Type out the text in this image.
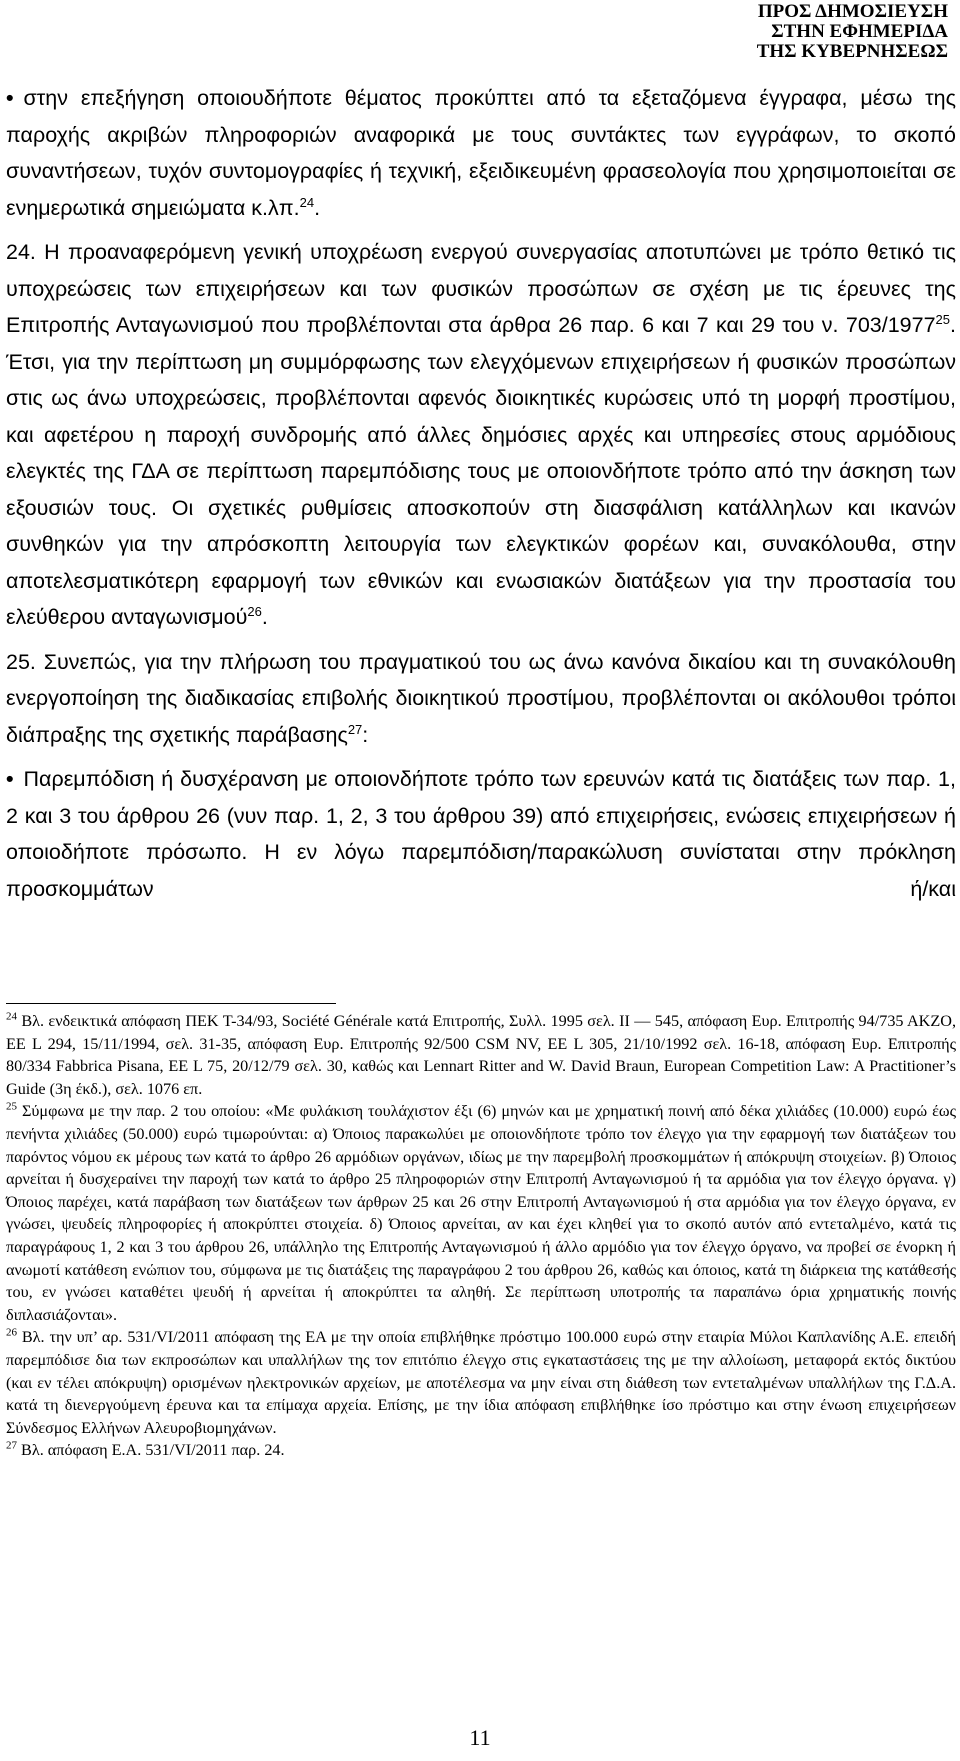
ΠΡΟΣ ΔΗΜΟΣΙΕΥΣΗ
ΣΤΗΝ ΕΦΗΜΕΡΙΔΑ
ΤΗΣ ΚΥΒΕΡΝΗΣΕΩΣ

• στην επεξήγηση οποιουδήποτε θέματος προκύπτει από τα εξεταζόμενα έγγραφα, μέσω της παροχής ακριβών πληροφοριών αναφορικά με τους συντάκτες των εγγράφων, το σκοπό συναντήσεων, τυχόν συντομογραφίες ή τεχνική, εξειδικευμένη φρασεολογία που χρησιμοποιείται σε ενημερωτικά σημειώματα κ.λπ.$^{24}$.

24. Η προαναφερόμενη γενική υποχρέωση ενεργού συνεργασίας αποτυπώνει με τρόπο θετικό τις υποχρεώσεις των επιχειρήσεων και των φυσικών προσώπων σε σχέση με τις έρευνες της Επιτροπής Ανταγωνισμού που προβλέπονται στα άρθρα 26 παρ. 6 και 7 και 29 του ν. 703/1977$^{25}$. Έτσι, για την περίπτωση μη συμμόρφωσης των ελεγχόμενων επιχειρήσεων ή φυσικών προσώπων στις ως άνω υποχρεώσεις, προβλέπονται αφενός διοικητικές κυρώσεις υπό τη μορφή προστίμου, και αφετέρου η παροχή συνδρομής από άλλες δημόσιες αρχές και υπηρεσίες στους αρμόδιους ελεγκτές της ΓΔΑ σε περίπτωση παρεμπόδισης τους με οποιονδήποτε τρόπο από την άσκηση των εξουσιών τους. Οι σχετικές ρυθμίσεις αποσκοπούν στη διασφάλιση κατάλληλων και ικανών συνθηκών για την απρόσκοπτη λειτουργία των ελεγκτικών φορέων και, συνακόλουθα, στην αποτελεσματικότερη εφαρμογή των εθνικών και ενωσιακών διατάξεων για την προστασία του ελεύθερου ανταγωνισμού$^{26}$.

25. Συνεπώς, για την πλήρωση του πραγματικού του ως άνω κανόνα δικαίου και τη συνακόλουθη ενεργοποίηση της διαδικασίας επιβολής διοικητικού προστίμου, προβλέπονται οι ακόλουθοι τρόποι διάπραξης της σχετικής παράβασης$^{27}$:

• Παρεμπόδιση ή δυσχέρανση με οποιονδήποτε τρόπο των ερευνών κατά τις διατάξεις των παρ. 1, 2 και 3 του άρθρου 26 (νυν παρ. 1, 2, 3 του άρθρου 39) από επιχειρήσεις, ενώσεις επιχειρήσεων ή οποιοδήποτε πρόσωπο. Η εν λόγω παρεμπόδιση/παρακώλυση συνίσταται στην πρόκληση προσκομμάτων ή/και

$^{24}$ Βλ. ενδεικτικά απόφαση ΠΕΚ Τ-34/93, Société Générale κατά Επιτροπής, Συλλ. 1995 σελ. II — 545, απόφαση Ευρ. Επιτροπής 94/735 ΑΚΖΟ, ΕΕ L 294, 15/11/1994, σελ. 31-35, απόφαση Ευρ. Επιτροπής 92/500 CSM NV, EE L 305, 21/10/1992 σελ. 16-18, απόφαση Ευρ. Επιτροπής 80/334 Fabbrica Pisana, EE L 75, 20/12/79 σελ. 30, καθώς και Lennart Ritter and W. David Braun, European Competition Law: A Practitioner’s Guide (3η έκδ.), σελ. 1076 επ.

$^{25}$ Σύμφωνα με την παρ. 2 του οποίου: «Με φυλάκιση τουλάχιστον έξι (6) μηνών και με χρηματική ποινή από δέκα χιλιάδες (10.000) ευρώ έως πενήντα χιλιάδες (50.000) ευρώ τιμωρούνται: α) Όποιος παρακωλύει με οποιονδήποτε τρόπο τον έλεγχο για την εφαρμογή των διατάξεων του παρόντος νόμου εκ μέρους των κατά το άρθρο 26 αρμόδιων οργάνων, ιδίως με την παρεμβολή προσκομμάτων ή απόκρυψη στοιχείων. β) Όποιος αρνείται ή δυσχεραίνει την παροχή των κατά το άρθρο 25 πληροφοριών στην Επιτροπή Ανταγωνισμού ή τα αρμόδια για τον έλεγχο όργανα. γ) Όποιος παρέχει, κατά παράβαση των διατάξεων των άρθρων 25 και 26 στην Επιτροπή Ανταγωνισμού ή στα αρμόδια για τον έλεγχο όργανα, εν γνώσει, ψευδείς πληροφορίες ή αποκρύπτει στοιχεία. δ) Όποιος αρνείται, αν και έχει κληθεί για το σκοπό αυτόν από εντεταλμένο, κατά τις παραγράφους 1, 2 και 3 του άρθρου 26, υπάλληλο της Επιτροπής Ανταγωνισμού ή άλλο αρμόδιο για τον έλεγχο όργανο, να προβεί σε ένορκη ή ανωμοτί κατάθεση ενώπιον του, σύμφωνα με τις διατάξεις της παραγράφου 2 του άρθρου 26, καθώς και όποιος, κατά τη διάρκεια της κατάθεσής του, εν γνώσει καταθέτει ψευδή ή αρνείται ή αποκρύπτει τα αληθή. Σε περίπτωση υποτροπής τα παραπάνω όρια χρηματικής ποινής διπλασιάζονται».

$^{26}$ Βλ. την υπ’ αρ. 531/VI/2011 απόφαση της ΕΑ με την οποία επιβλήθηκε πρόστιμο 100.000 ευρώ στην εταιρία Μύλοι Καπλανίδης Α.Ε. επειδή παρεμπόδισε δια των εκπροσώπων και υπαλλήλων της τον επιτόπιο έλεγχο στις εγκαταστάσεις της με την αλλοίωση, μεταφορά εκτός δικτύου (και εν τέλει απόκρυψη) ορισμένων ηλεκτρονικών αρχείων, με αποτέλεσμα να μην είναι στη διάθεση των εντεταλμένων υπαλλήλων της Γ.Δ.Α. κατά τη διενεργούμενη έρευνα και τα επίμαχα αρχεία. Επίσης, με την ίδια απόφαση επιβλήθηκε ίσο πρόστιμο και στην ένωση επιχειρήσεων Σύνδεσμος Ελλήνων Αλευροβιομηχάνων.

$^{27}$ Βλ. απόφαση Ε.Α. 531/VI/2011 παρ. 24.

11
